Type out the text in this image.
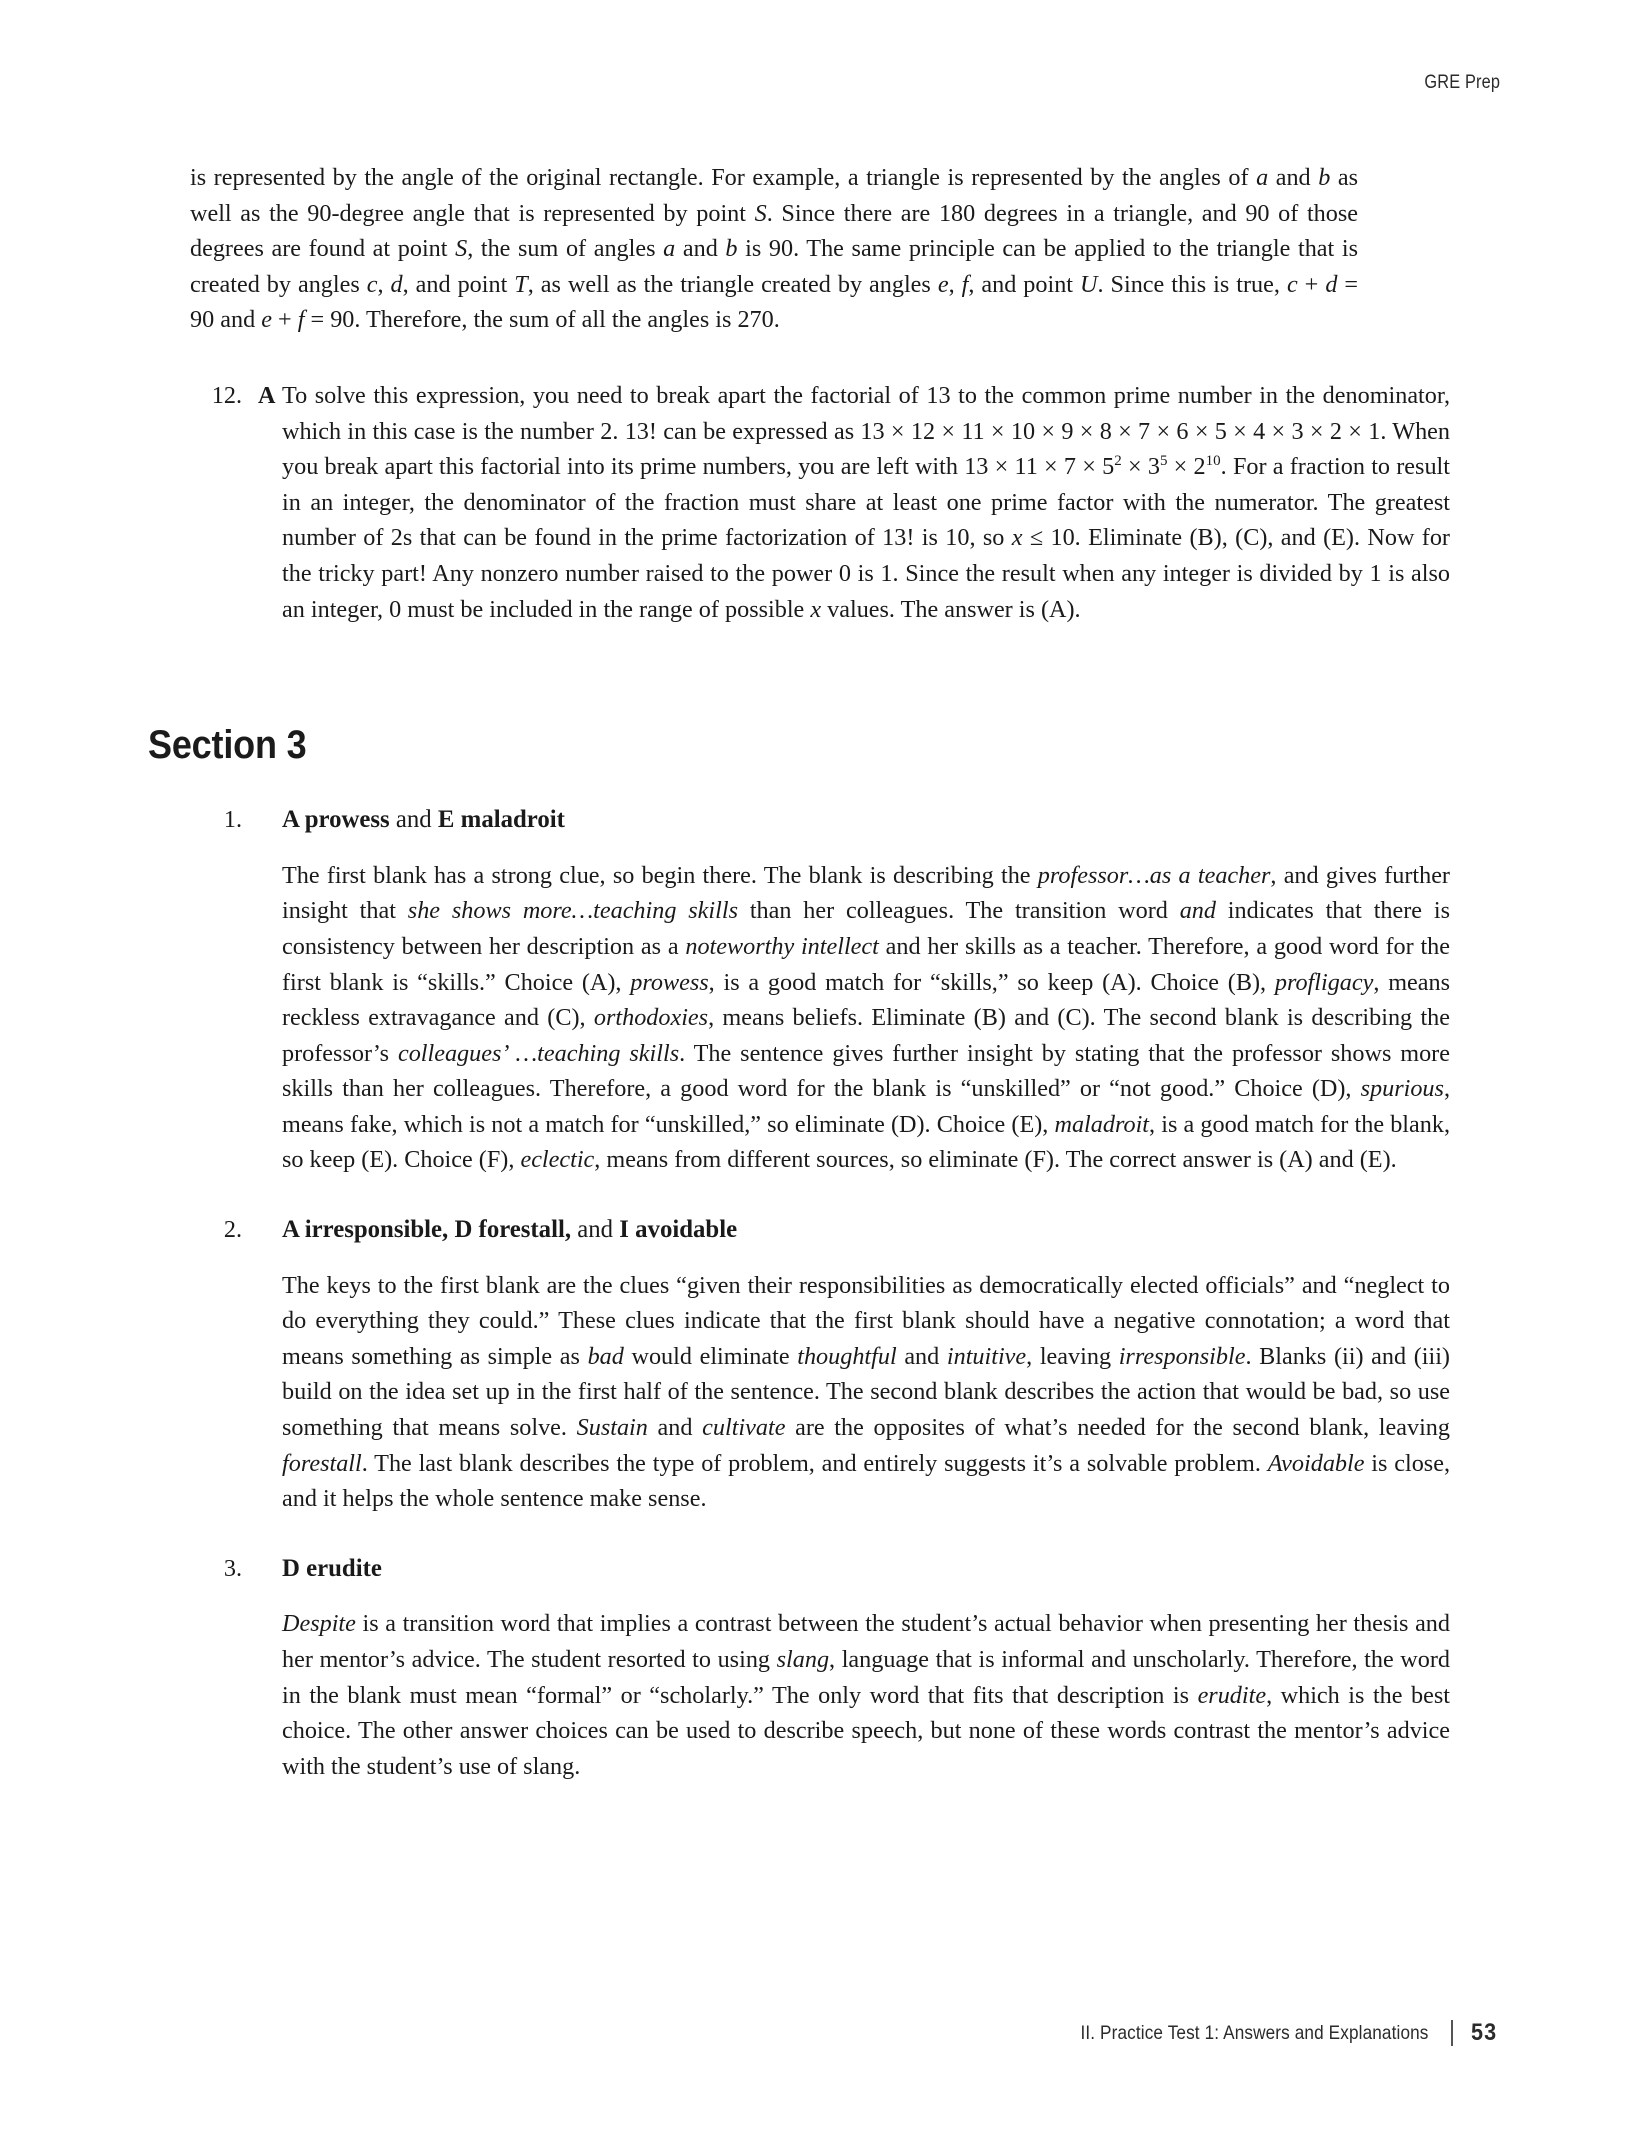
GRE Prep

is represented by the angle of the original rectangle. For example, a triangle is represented by the angles of a and b as well as the 90-degree angle that is represented by point S. Since there are 180 degrees in a triangle, and 90 of those degrees are found at point S, the sum of angles a and b is 90. The same principle can be applied to the triangle that is created by angles c, d, and point T, as well as the triangle created by angles e, f, and point U. Since this is true, c + d = 90 and e + f = 90. Therefore, the sum of all the angles is 270.

12. A To solve this expression, you need to break apart the factorial of 13 to the common prime number in the denominator, which in this case is the number 2. 13! can be expressed as 13 × 12 × 11 × 10 × 9 × 8 × 7 × 6 × 5 × 4 × 3 × 2 × 1. When you break apart this factorial into its prime numbers, you are left with $13 \times 11 \times 7 \times 5^2 \times 3^5 \times 2^{10}$. For a fraction to result in an integer, the denominator of the fraction must share at least one prime factor with the numerator. The greatest number of 2s that can be found in the prime factorization of 13! is 10, so x ≤ 10. Eliminate (B), (C), and (E). Now for the tricky part! Any nonzero number raised to the power 0 is 1. Since the result when any integer is divided by 1 is also an integer, 0 must be included in the range of possible x values. The answer is (A).

Section 3
1. A prowess and E maladroit

The first blank has a strong clue, so begin there. The blank is describing the professor…as a teacher, and gives further insight that she shows more…teaching skills than her colleagues. The transition word and indicates that there is consistency between her description as a noteworthy intellect and her skills as a teacher. Therefore, a good word for the first blank is “skills.” Choice (A), prowess, is a good match for “skills,” so keep (A). Choice (B), profligacy, means reckless extravagance and (C), orthodoxies, means beliefs. Eliminate (B) and (C). The second blank is describing the professor’s colleagues’ …teaching skills. The sentence gives further insight by stating that the professor shows more skills than her colleagues. Therefore, a good word for the blank is “unskilled” or “not good.” Choice (D), spurious, means fake, which is not a match for “unskilled,” so eliminate (D). Choice (E), maladroit, is a good match for the blank, so keep (E). Choice (F), eclectic, means from different sources, so eliminate (F). The correct answer is (A) and (E).

2. A irresponsible, D forestall, and I avoidable

The keys to the first blank are the clues “given their responsibilities as democratically elected officials” and “neglect to do everything they could.” These clues indicate that the first blank should have a negative connotation; a word that means something as simple as bad would eliminate thoughtful and intuitive, leaving irresponsible. Blanks (ii) and (iii) build on the idea set up in the first half of the sentence. The second blank describes the action that would be bad, so use something that means solve. Sustain and cultivate are the opposites of what’s needed for the second blank, leaving forestall. The last blank describes the type of problem, and entirely suggests it’s a solvable problem. Avoidable is close, and it helps the whole sentence make sense.

3. D erudite

Despite is a transition word that implies a contrast between the student’s actual behavior when presenting her thesis and her mentor’s advice. The student resorted to using slang, language that is informal and unscholarly. Therefore, the word in the blank must mean “formal” or “scholarly.” The only word that fits that description is erudite, which is the best choice. The other answer choices can be used to describe speech, but none of these words contrast the mentor’s advice with the student’s use of slang.

II. Practice Test 1: Answers and Explanations 53
